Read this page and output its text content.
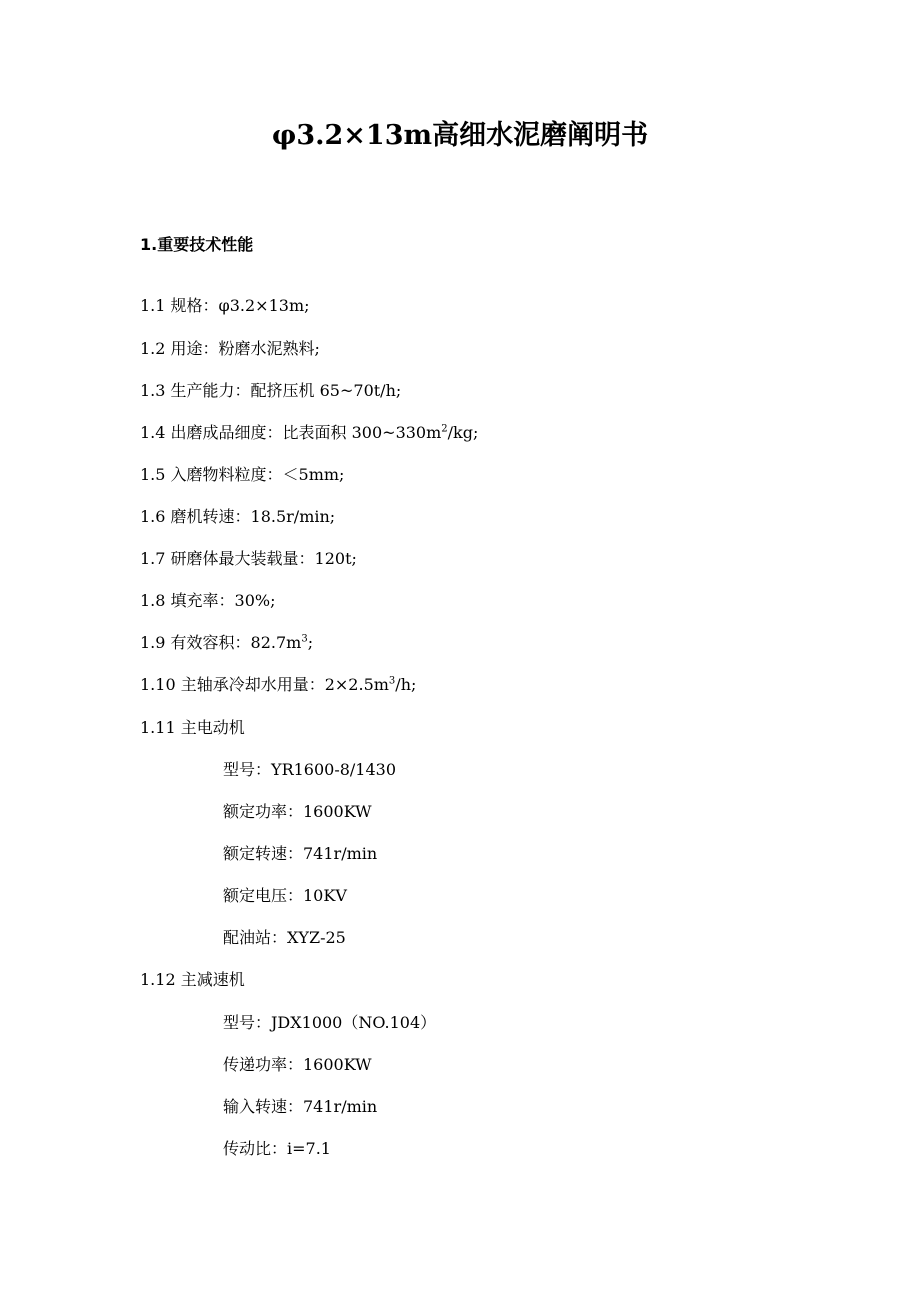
φ3.2×13m高细水泥磨阐明书
1.重要技术性能
1.1 规格：φ3.2×13m;
1.2 用途：粉磨水泥熟料;
1.3 生产能力：配挤压机 65~70t/h;
1.4 出磨成品细度：比表面积 $300\sim 330m^2/kg$;
1.5 入磨物料粒度：＜5mm;
1.6 磨机转速：18.5r/min;
1.7 研磨体最大装载量：120t;
1.8 填充率：30%;
1.9 有效容积：$82.7m^3$;
1.10 主轴承冷却水用量：$2\times 2.5m^3/h$;
1.11 主电动机
型号：YR1600-8/1430
额定功率：1600KW
额定转速：741r/min
额定电压：10KV
配油站：XYZ-25
1.12 主减速机
型号：JDX1000（NO.104）
传递功率：1600KW
输入转速：741r/min
传动比：i=7.1
